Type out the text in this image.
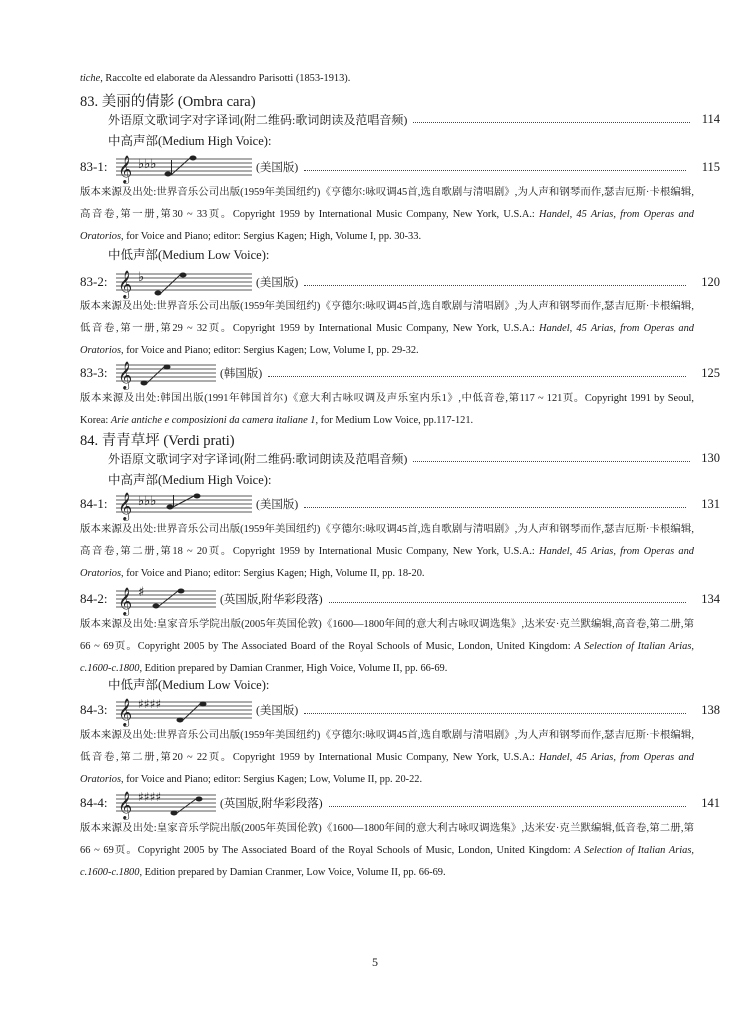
tiche, Raccolte ed elaborate da Alessandro Parisotti (1853-1913).
83. 美丽的倩影 (Ombra cara)
外语原文歌词字对字译词(附二维码:歌词朗读及范唱音频)	114
中高声部(Medium High Voice):
83-1: 𝄞 ♭♭♭	(美国版)	115
版本来源及出处:世界音乐公司出版(1959年美国纽约)《亨德尔:咏叹调45首,选自歌剧与清唱剧》,为人声和钢琴而作,瑟吉厄斯·卡根编辑,高音卷,第一册,第30 ~ 33页。Copyright 1959 by International Music Company, New York, U.S.A.: Handel, 45 Arias, from Operas and Oratorios, for Voice and Piano; editor: Sergius Kagen; High, Volume I, pp. 30-33.
中低声部(Medium Low Voice):
83-2: 𝄞 ♭	(美国版)	120
版本来源及出处:世界音乐公司出版(1959年美国纽约)《亨德尔:咏叹调45首,选自歌剧与清唱剧》,为人声和钢琴而作,瑟吉厄斯·卡根编辑,低音卷,第一册,第29 ~ 32页。Copyright 1959 by International Music Company, New York, U.S.A.: Handel, 45 Arias, from Operas and Oratorios, for Voice and Piano; editor: Sergius Kagen; Low, Volume I, pp. 29-32.
83-3: 𝄞	(韩国版)	125
版本来源及出处:韩国出版(1991年韩国首尔)《意大利古咏叹调及声乐室内乐1》,中低音卷,第117 ~ 121页。Copyright 1991 by Seoul, Korea: Arie antiche e composizioni da camera italiane 1, for Medium Low Voice, pp.117-121.
84. 青青草坪 (Verdi prati)
外语原文歌词字对字译词(附二维码:歌词朗读及范唱音频)	130
中高声部(Medium High Voice):
84-1: 𝄞 ♭♭♭	(美国版)	131
版本来源及出处:世界音乐公司出版(1959年美国纽约)《亨德尔:咏叹调45首,选自歌剧与清唱剧》,为人声和钢琴而作,瑟吉厄斯·卡根编辑,高音卷,第二册,第18 ~ 20页。Copyright 1959 by International Music Company, New York, U.S.A.: Handel, 45 Arias, from Operas and Oratorios, for Voice and Piano; editor: Sergius Kagen; High, Volume II, pp. 18-20.
84-2: 𝄞 ♯	(英国版,附华彩段落)	134
版本来源及出处:皇家音乐学院出版(2005年英国伦敦)《1600—1800年间的意大利古咏叹调选集》,达米安·克兰默编辑,高音卷,第二册,第66 ~ 69页。Copyright 2005 by The Associated Board of the Royal Schools of Music, London, United Kingdom: A Selection of Italian Arias, c.1600-c.1800, Edition prepared by Damian Cranmer, High Voice, Volume II, pp. 66-69.
中低声部(Medium Low Voice):
84-3: 𝄞 ♯♯♯♯	(美国版)	138
版本来源及出处:世界音乐公司出版(1959年美国纽约)《亨德尔:咏叹调45首,选自歌剧与清唱剧》,为人声和钢琴而作,瑟吉厄斯·卡根编辑,低音卷,第二册,第20 ~ 22页。Copyright 1959 by International Music Company, New York, U.S.A.: Handel, 45 Arias, from Operas and Oratorios, for Voice and Piano; editor: Sergius Kagen; Low, Volume II, pp. 20-22.
84-4: 𝄞 ♯♯♯♯	(英国版,附华彩段落)	141
版本来源及出处:皇家音乐学院出版(2005年英国伦敦)《1600—1800年间的意大利古咏叹调选集》,达米安·克兰默编辑,低音卷,第二册,第66 ~ 69页。Copyright 2005 by The Associated Board of the Royal Schools of Music, London, United Kingdom: A Selection of Italian Arias, c.1600-c.1800, Edition prepared by Damian Cranmer, Low Voice, Volume II, pp. 66-69.
5
